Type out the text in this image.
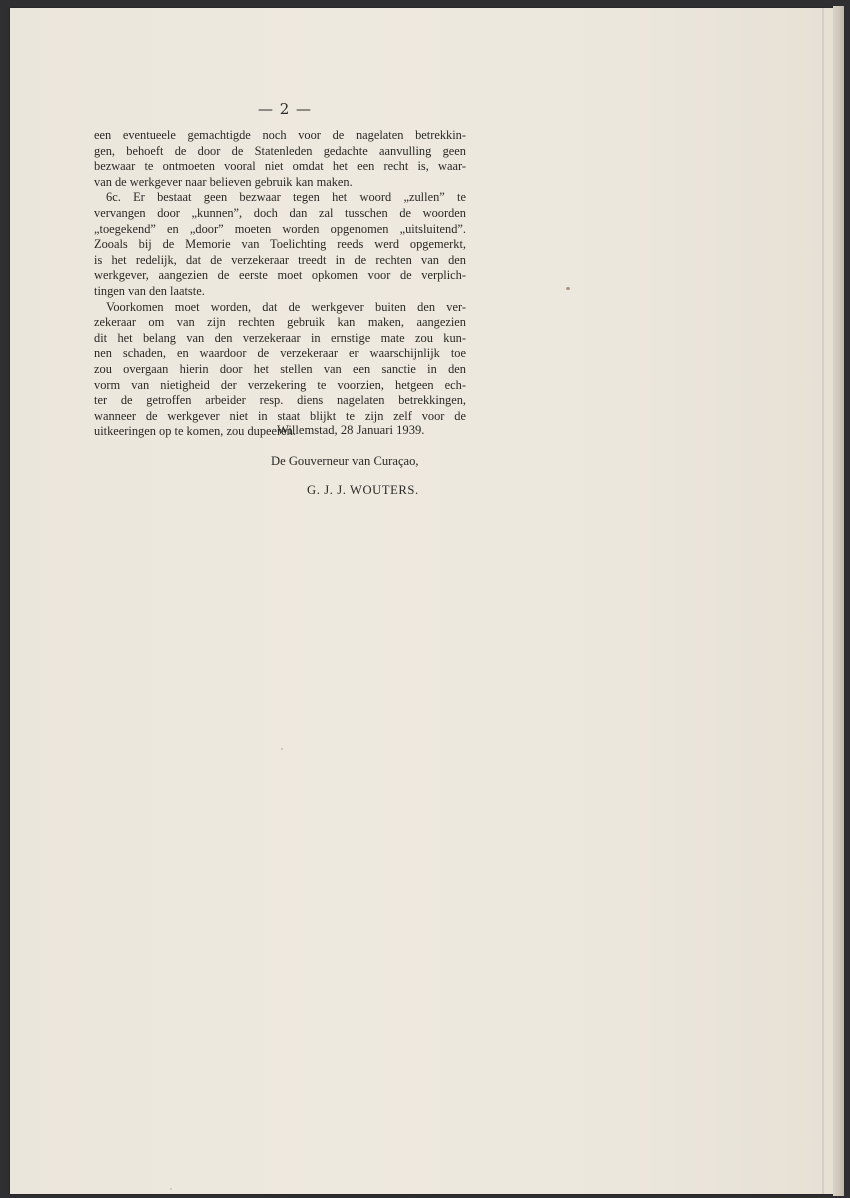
— 2 —
een eventueele gemachtigde noch voor de nagelaten betrekkin-
gen, behoeft de door de Statenleden gedachte aanvulling geen
bezwaar te ontmoeten vooral niet omdat het een recht is, waar-
van de werkgever naar believen gebruik kan maken.
6c. Er bestaat geen bezwaar tegen het woord „zullen” te
vervangen door „kunnen”, doch dan zal tusschen de woorden
„toegekend” en „door” moeten worden opgenomen „uitsluitend”.
Zooals bij de Memorie van Toelichting reeds werd opgemerkt,
is het redelijk, dat de verzekeraar treedt in de rechten van den
werkgever, aangezien de eerste moet opkomen voor de verplich-
tingen van den laatste.
Voorkomen moet worden, dat de werkgever buiten den ver-
zekeraar om van zijn rechten gebruik kan maken, aangezien
dit het belang van den verzekeraar in ernstige mate zou kun-
nen schaden, en waardoor de verzekeraar er waarschijnlijk toe
zou overgaan hierin door het stellen van een sanctie in den
vorm van nietigheid der verzekering te voorzien, hetgeen ech-
ter de getroffen arbeider resp. diens nagelaten betrekkingen,
wanneer de werkgever niet in staat blijkt te zijn zelf voor de
uitkeeringen op te komen, zou dupeeren.
Willemstad, 28 Januari 1939.
De Gouverneur van Curaçao,
G. J. J. WOUTERS.
